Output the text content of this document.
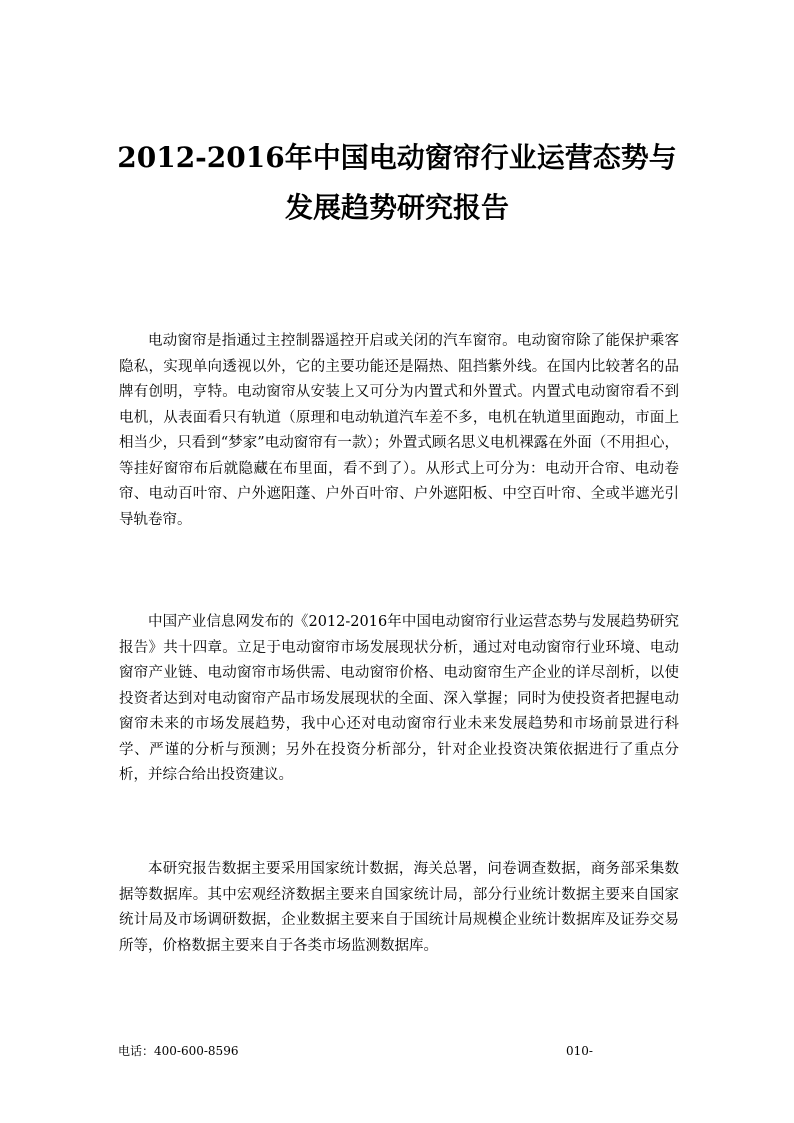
2012-2016年中国电动窗帘行业运营态势与
发展趋势研究报告

电动窗帘是指通过主控制器遥控开启或关闭的汽车窗帘。电动窗帘除了能保护乘客隐私，实现单向透视以外，它的主要功能还是隔热、阻挡紫外线。在国内比较著名的品牌有创明，亨特。电动窗帘从安装上又可分为内置式和外置式。内置式电动窗帘看不到电机，从表面看只有轨道（原理和电动轨道汽车差不多，电机在轨道里面跑动，市面上相当少，只看到“梦家”电动窗帘有一款）；外置式顾名思义电机裸露在外面（不用担心，等挂好窗帘布后就隐藏在布里面，看不到了）。从形式上可分为：电动开合帘、电动卷帘、电动百叶帘、户外遮阳蓬、户外百叶帘、户外遮阳板、中空百叶帘、全或半遮光引导轨卷帘。

中国产业信息网发布的《2012-2016年中国电动窗帘行业运营态势与发展趋势研究报告》共十四章。立足于电动窗帘市场发展现状分析，通过对电动窗帘行业环境、电动窗帘产业链、电动窗帘市场供需、电动窗帘价格、电动窗帘生产企业的详尽剖析，以使投资者达到对电动窗帘产品市场发展现状的全面、深入掌握；同时为使投资者把握电动窗帘未来的市场发展趋势，我中心还对电动窗帘行业未来发展趋势和市场前景进行科学、严谨的分析与预测；另外在投资分析部分，针对企业投资决策依据进行了重点分析，并综合给出投资建议。

本研究报告数据主要采用国家统计数据，海关总署，问卷调查数据，商务部采集数据等数据库。其中宏观经济数据主要来自国家统计局，部分行业统计数据主要来自国家统计局及市场调研数据，企业数据主要来自于国统计局规模企业统计数据库及证券交易所等，价格数据主要来自于各类市场监测数据库。

电话：400-600-8596	010-
